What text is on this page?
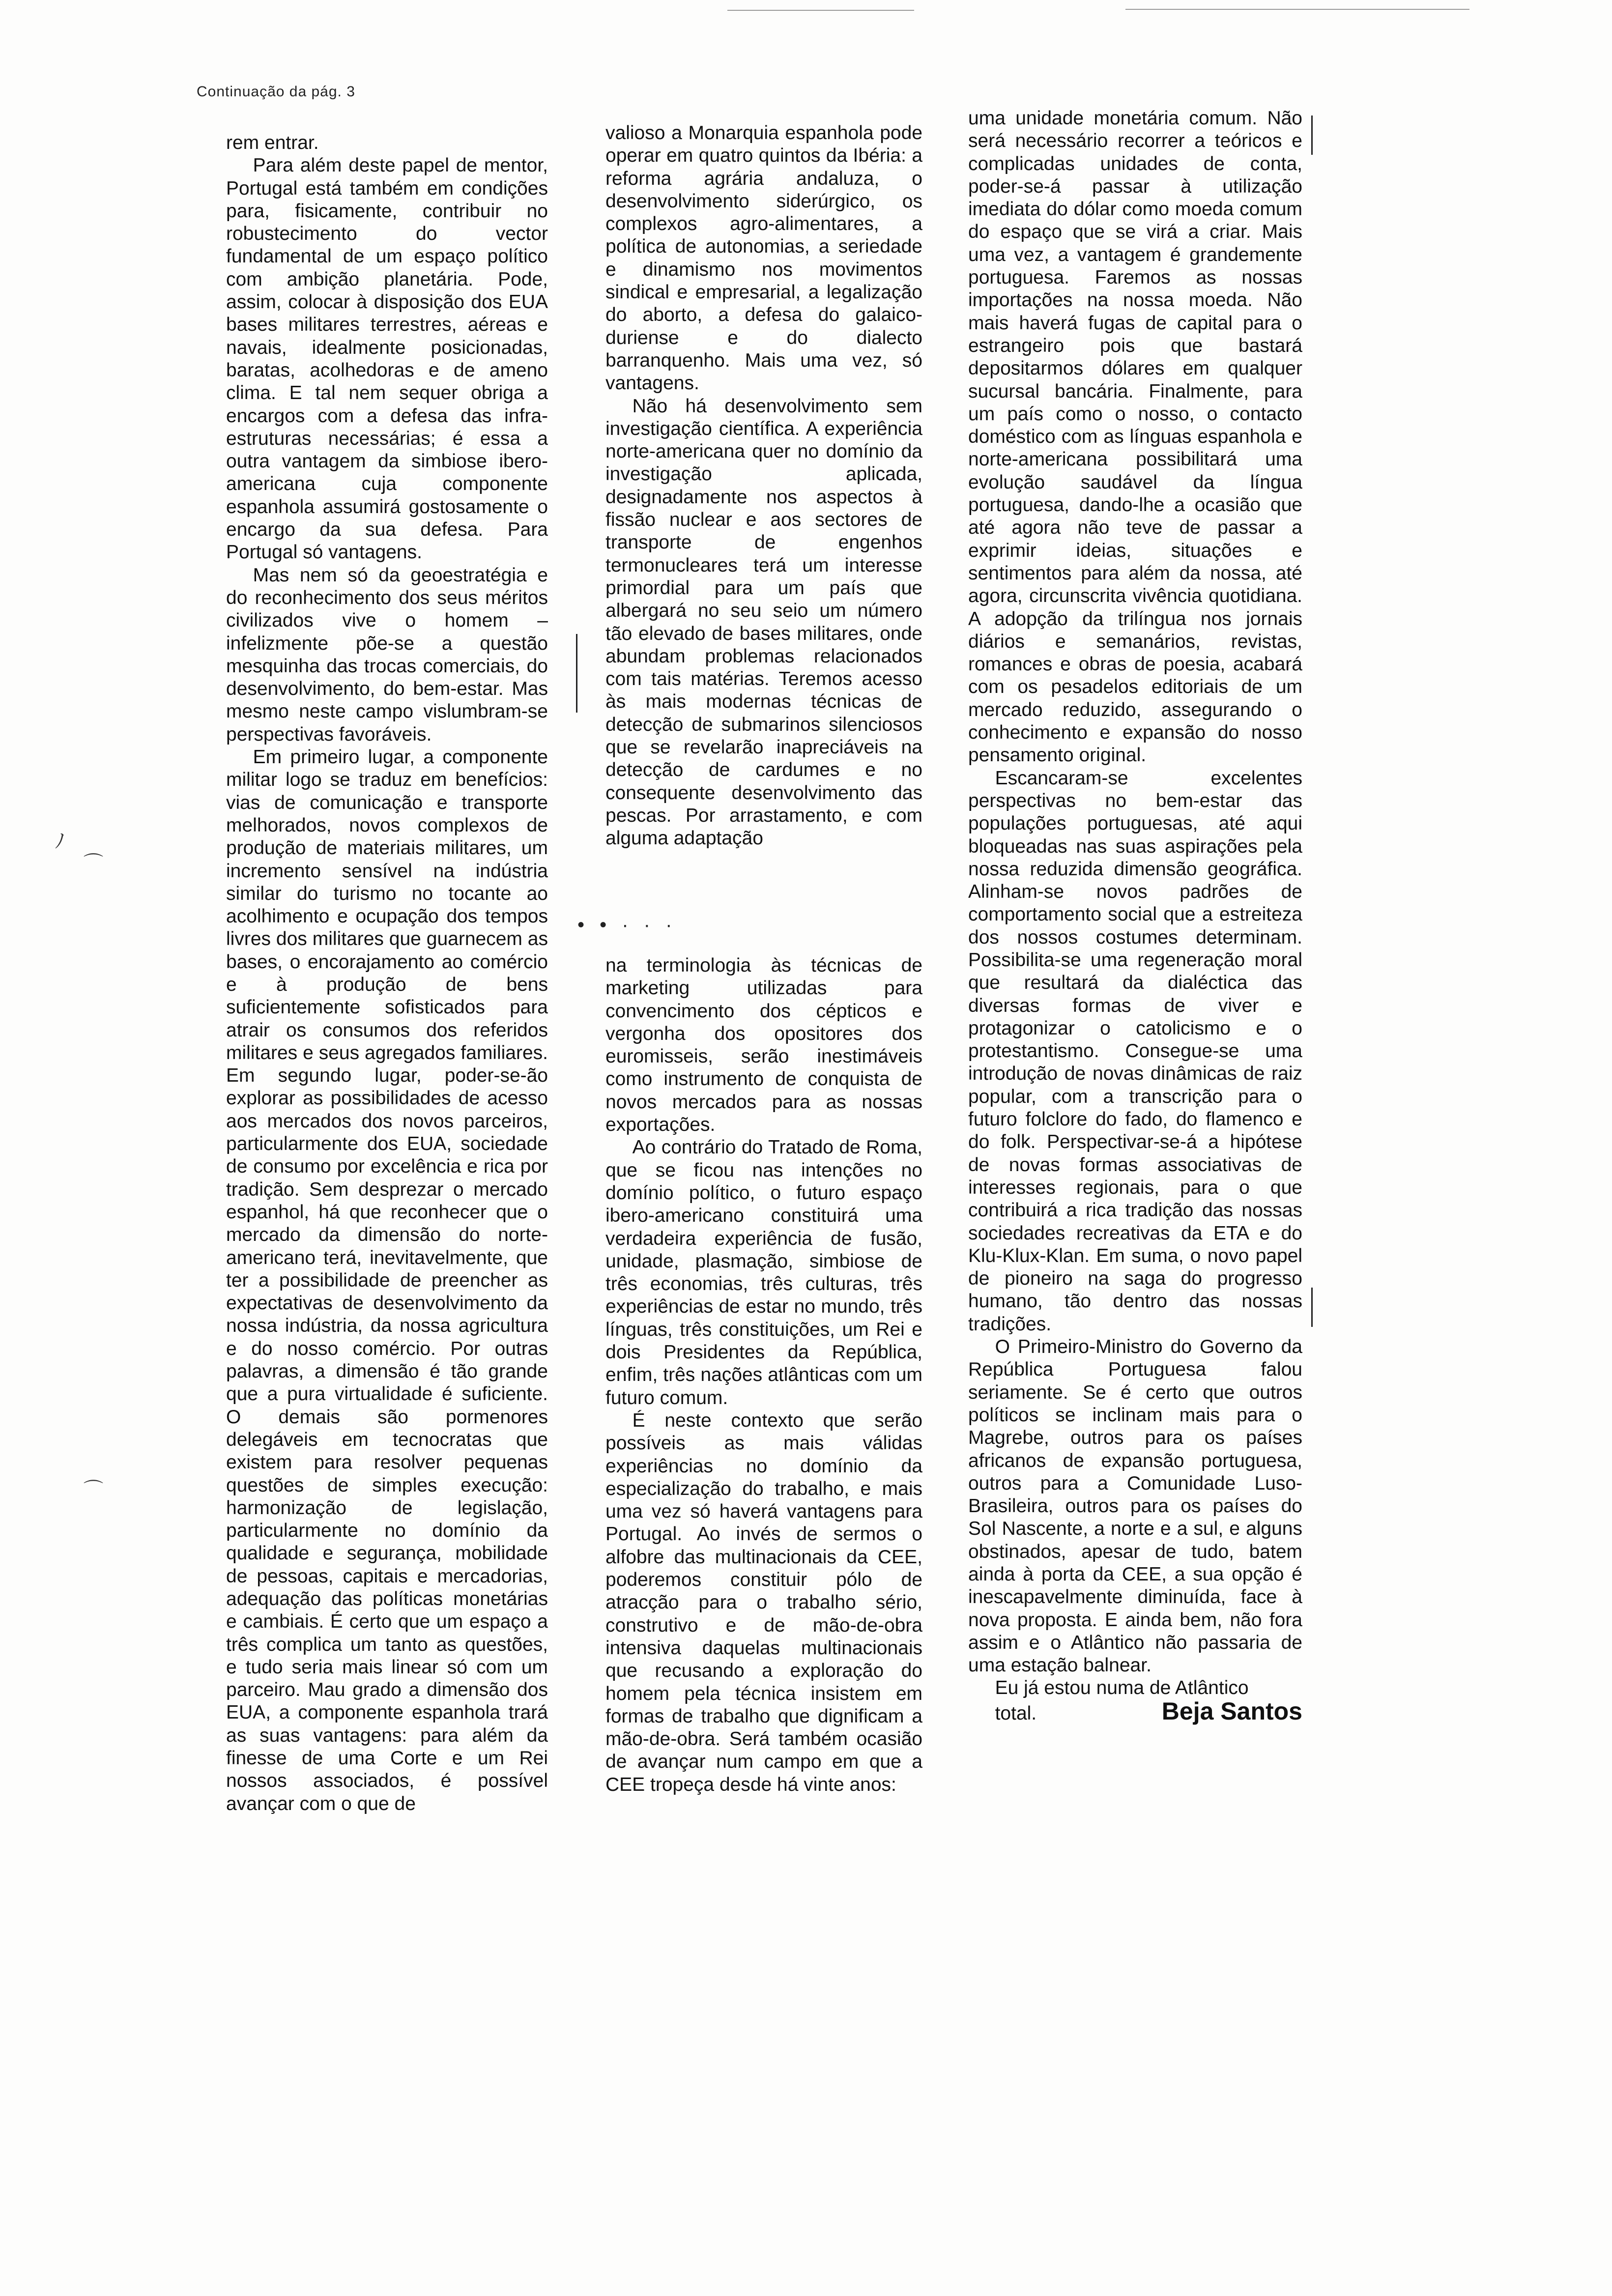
Continuação da pág. 3

rem entrar.

Para além deste papel de mentor, Portugal está também em condições para, fisicamente, contribuir no robustecimento do vector fundamental de um espaço político com ambição planetária. Pode, assim, colocar à disposição dos EUA bases militares terrestres, aéreas e navais, idealmente posicionadas, baratas, acolhedoras e de ameno clima. E tal nem sequer obriga a encargos com a defesa das infra-estruturas necessárias; é essa a outra vantagem da simbiose ibero-americana cuja componente espanhola assumirá gostosamente o encargo da sua defesa. Para Portugal só vantagens.

Mas nem só da geoestratégia e do reconhecimento dos seus méritos civilizados vive o homem – infelizmente põe-se a questão mesquinha das trocas comerciais, do desenvolvimento, do bem-estar. Mas mesmo neste campo vislumbram-se perspectivas favoráveis.

Em primeiro lugar, a componente militar logo se traduz em benefícios: vias de comunicação e transporte melhorados, novos complexos de produção de materiais militares, um incremento sensível na indústria similar do turismo no tocante ao acolhimento e ocupação dos tempos livres dos militares que guarnecem as bases, o encorajamento ao comércio e à produção de bens suficientemente sofisticados para atrair os consumos dos referidos militares e seus agregados familiares. Em segundo lugar, poder-se-ão explorar as possibilidades de acesso aos mercados dos novos parceiros, particularmente dos EUA, sociedade de consumo por excelência e rica por tradição. Sem desprezar o mercado espanhol, há que reconhecer que o mercado da dimensão do norte-americano terá, inevitavelmente, que ter a possibilidade de preencher as expectativas de desenvolvimento da nossa indústria, da nossa agricultura e do nosso comércio. Por outras palavras, a dimensão é tão grande que a pura virtualidade é suficiente. O demais são pormenores delegáveis em tecnocratas que existem para resolver pequenas questões de simples execução: harmonização de legislação, particularmente no domínio da qualidade e segurança, mobilidade de pessoas, capitais e mercadorias, adequação das políticas monetárias e cambiais. É certo que um espaço a três complica um tanto as questões, e tudo seria mais linear só com um parceiro. Mau grado a dimensão dos EUA, a componente espanhola trará as suas vantagens: para além da finesse de uma Corte e um Rei nossos associados, é possível avançar com o que de

valioso a Monarquia espanhola pode operar em quatro quintos da Ibéria: a reforma agrária andaluza, o desenvolvimento siderúrgico, os complexos agro-alimentares, a política de autonomias, a seriedade e dinamismo nos movimentos sindical e empresarial, a legalização do aborto, a defesa do galaico-duriense e do dialecto barranquenho. Mais uma vez, só vantagens.

Não há desenvolvimento sem investigação científica. A experiência norte-americana quer no domínio da investigação aplicada, designadamente nos aspectos à fissão nuclear e aos sectores de transporte de engenhos termonucleares terá um interesse primordial para um país que albergará no seu seio um número tão elevado de bases militares, onde abundam problemas relacionados com tais matérias. Teremos acesso às mais modernas técnicas de detecção de submarinos silenciosos que se revelarão inapreciáveis na detecção de cardumes e no consequente desenvolvimento das pescas. Por arrastamento, e com alguma adaptação

• • · · ·

na terminologia às técnicas de marketing utilizadas para convencimento dos cépticos e vergonha dos opositores dos euromisseis, serão inestimáveis como instrumento de conquista de novos mercados para as nossas exportações.

Ao contrário do Tratado de Roma, que se ficou nas intenções no domínio político, o futuro espaço ibero-americano constituirá uma verdadeira experiência de fusão, unidade, plasmação, simbiose de três economias, três culturas, três experiências de estar no mundo, três línguas, três constituições, um Rei e dois Presidentes da República, enfim, três nações atlânticas com um futuro comum.

É neste contexto que serão possíveis as mais válidas experiências no domínio da especialização do trabalho, e mais uma vez só haverá vantagens para Portugal. Ao invés de sermos o alfobre das multinacionais da CEE, poderemos constituir pólo de atracção para o trabalho sério, construtivo e de mão-de-obra intensiva daquelas multinacionais que recusando a exploração do homem pela técnica insistem em formas de trabalho que dignificam a mão-de-obra. Será também ocasião de avançar num campo em que a CEE tropeça desde há vinte anos:

uma unidade monetária comum. Não será necessário recorrer a teóricos e complicadas unidades de conta, poder-se-á passar à utilização imediata do dólar como moeda comum do espaço que se virá a criar. Mais uma vez, a vantagem é grandemente portuguesa. Faremos as nossas importações na nossa moeda. Não mais haverá fugas de capital para o estrangeiro pois que bastará depositarmos dólares em qualquer sucursal bancária. Finalmente, para um país como o nosso, o contacto doméstico com as línguas espanhola e norte-americana possibilitará uma evolução saudável da língua portuguesa, dando-lhe a ocasião que até agora não teve de passar a exprimir ideias, situações e sentimentos para além da nossa, até agora, circunscrita vivência quotidiana. A adopção da trilíngua nos jornais diários e semanários, revistas, romances e obras de poesia, acabará com os pesadelos editoriais de um mercado reduzido, assegurando o conhecimento e expansão do nosso pensamento original.

Escancaram-se excelentes perspectivas no bem-estar das populações portuguesas, até aqui bloqueadas nas suas aspirações pela nossa reduzida dimensão geográfica. Alinham-se novos padrões de comportamento social que a estreiteza dos nossos costumes determinam. Possibilita-se uma regeneração moral que resultará da dialéctica das diversas formas de viver e protagonizar o catolicismo e o protestantismo. Consegue-se uma introdução de novas dinâmicas de raiz popular, com a transcrição para o futuro folclore do fado, do flamenco e do folk. Perspectivar-se-á a hipótese de novas formas associativas de interesses regionais, para o que contribuirá a rica tradição das nossas sociedades recreativas da ETA e do Klu-Klux-Klan. Em suma, o novo papel de pioneiro na saga do progresso humano, tão dentro das nossas tradições.

O Primeiro-Ministro do Governo da República Portuguesa falou seriamente. Se é certo que outros políticos se inclinam mais para o Magrebe, outros para os países africanos de expansão portuguesa, outros para a Comunidade Luso-Brasileira, outros para os países do Sol Nascente, a norte e a sul, e alguns obstinados, apesar de tudo, batem ainda à porta da CEE, a sua opção é inescapavelmente diminuída, face à nova proposta. E ainda bem, não fora assim e o Atlântico não passaria de uma estação balnear.

Eu já estou numa de Atlântico

total.	Beja Santos

ﾉ
⌒
⌒
